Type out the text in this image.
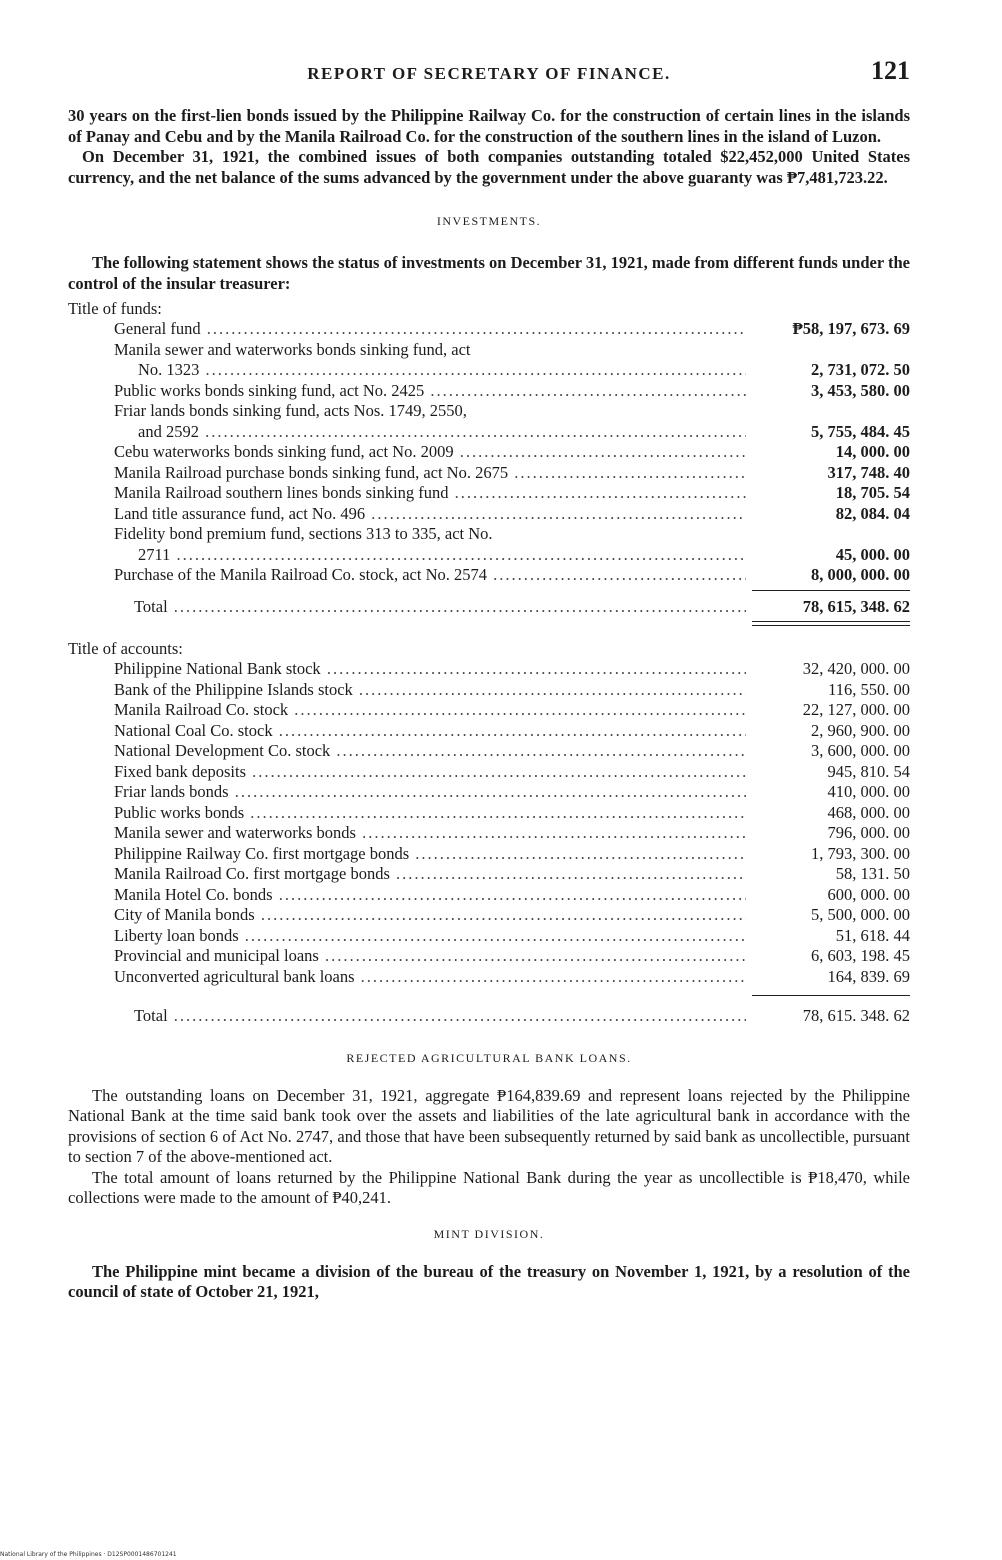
REPORT OF SECRETARY OF FINANCE.	121

30 years on the first-lien bonds issued by the Philippine Railway Co. for the construction of certain lines in the islands of Panay and Cebu and by the Manila Railroad Co. for the construction of the southern lines in the island of Luzon.

On December 31, 1921, the combined issues of both companies outstanding totaled $22,452,000 United States currency, and the net balance of the sums advanced by the government under the above guaranty was ₱7,481,723.22.

INVESTMENTS.

The following statement shows the status of investments on December 31, 1921, made from different funds under the control of the insular treasurer:

Title of funds:
General fund .....	₱58, 197, 673. 69
Manila sewer and waterworks bonds sinking fund, act
No. 1323 .....	2, 731, 072. 50
Public works bonds sinking fund, act No. 2425 .....	3, 453, 580. 00
Friar lands bonds sinking fund, acts Nos. 1749, 2550,
and 2592 .....	5, 755, 484. 45
Cebu waterworks bonds sinking fund, act No. 2009 .....	14, 000. 00
Manila Railroad purchase bonds sinking fund, act No. 2675 .....	317, 748. 40
Manila Railroad southern lines bonds sinking fund .....	18, 705. 54
Land title assurance fund, act No. 496 .....	82, 084. 04
Fidelity bond premium fund, sections 313 to 335, act No.
2711 .....	45, 000. 00
Purchase of the Manila Railroad Co. stock, act No. 2574 .....	8, 000, 000. 00
Total .....	78, 615, 348. 62
Title of accounts:
Philippine National Bank stock .....	32, 420, 000. 00
Bank of the Philippine Islands stock .....	116, 550. 00
Manila Railroad Co. stock .....	22, 127, 000. 00
National Coal Co. stock .....	2, 960, 900. 00
National Development Co. stock .....	3, 600, 000. 00
Fixed bank deposits .....	945, 810. 54
Friar lands bonds .....	410, 000. 00
Public works bonds .....	468, 000. 00
Manila sewer and waterworks bonds .....	796, 000. 00
Philippine Railway Co. first mortgage bonds .....	1, 793, 300. 00
Manila Railroad Co. first mortgage bonds .....	58, 131. 50
Manila Hotel Co. bonds .....	600, 000. 00
City of Manila bonds .....	5, 500, 000. 00
Liberty loan bonds .....	51, 618. 44
Provincial and municipal loans .....	6, 603, 198. 45
Unconverted agricultural bank loans .....	164, 839. 69
Total .....	78, 615. 348. 62
REJECTED AGRICULTURAL BANK LOANS.

The outstanding loans on December 31, 1921, aggregate ₱164,839.69 and represent loans rejected by the Philippine National Bank at the time said bank took over the assets and liabilities of the late agricultural bank in accordance with the provisions of section 6 of Act No. 2747, and those that have been subsequently returned by said bank as uncollectible, pursuant to section 7 of the above-mentioned act.

The total amount of loans returned by the Philippine National Bank during the year as uncollectible is ₱18,470, while collections were made to the amount of ₱40,241.

MINT DIVISION.

The Philippine mint became a division of the bureau of the treasury on November 1, 1921, by a resolution of the council of state of October 21, 1921,

National Library of the Philippines · D12SP0001486701241
